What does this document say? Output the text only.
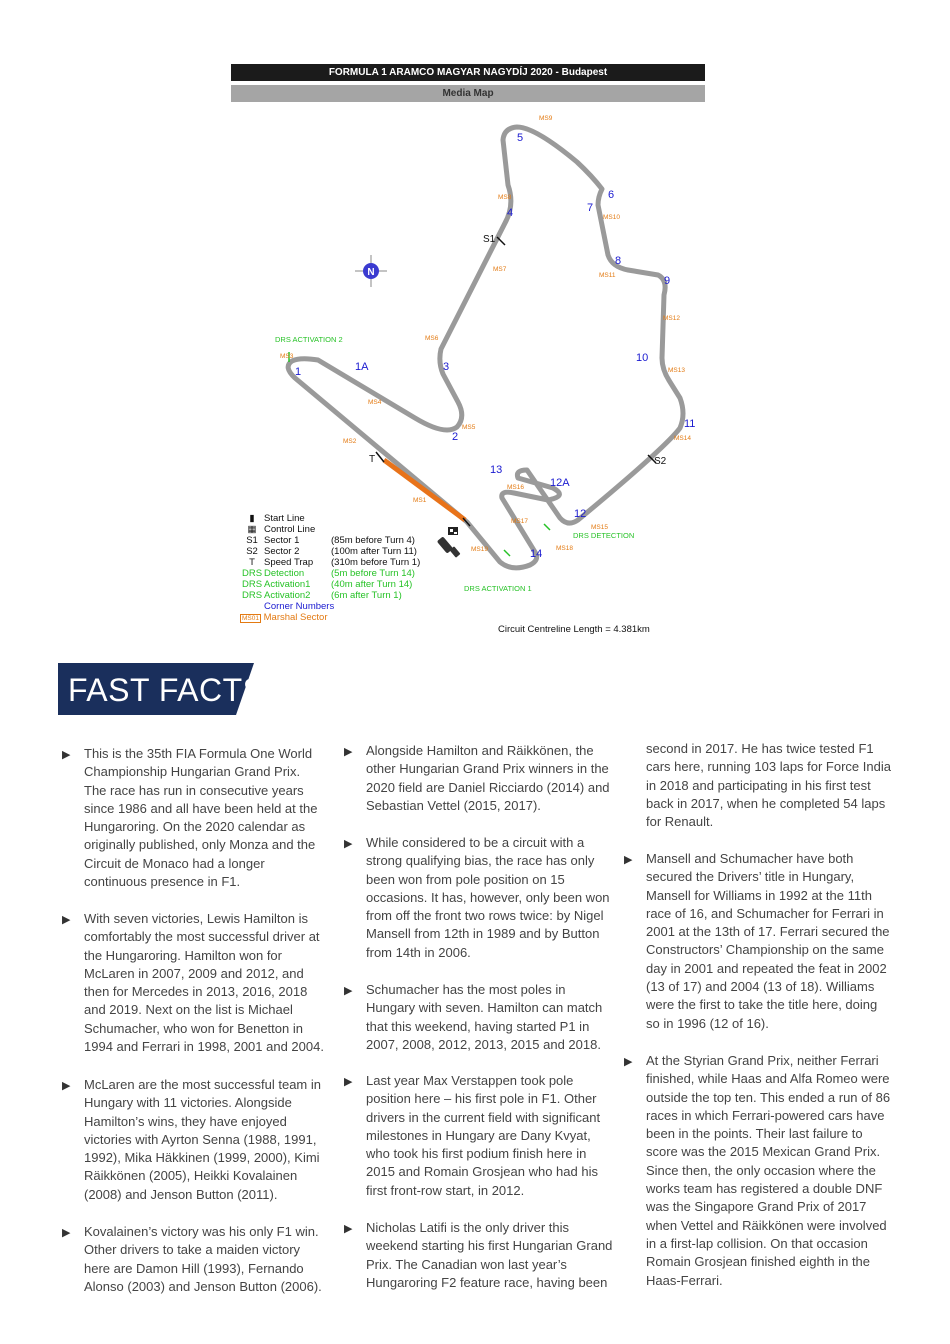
FORMULA 1 ARAMCO MAGYAR NAGYDÍJ 2020 - Budapest
Media Map
N
1	1A
2
3
4
5
6
7
8
9
10
11
12
12A
13
14
MS1
MS2
MS3
MS4
MS5
MS6
MS7
MS8
MS9
MS10
MS11
MS12
MS13
MS14
MS15
MS16
MS17
MS18
MS19
S1
S2
T
DRS ACTIVATION 2
DRS ACTIVATION 1
DRS DETECTION
Circuit Centreline Length = 4.381km
▮ Start Line
▦ Control Line
S1 Sector 1	(85m before Turn 4)
S2 Sector 2	(100m after Turn 11)
T Speed Trap (310m before Turn 1)
DRS Detection	(5m before Turn 14)
DRS Activation1 (40m after Turn 14)
DRS Activation2 (6m after Turn 1)
Corner Numbers
MS01 Marshal Sector
FAST FACTS
▶ This is the 35th FIA Formula One World Championship Hungarian Grand Prix. The race has run in consecutive years since 1986 and all have been held at the Hungaroring. On the 2020 calendar as originally published, only Monza and the Circuit de Monaco had a longer continuous presence in F1.
▶ With seven victories, Lewis Hamilton is comfortably the most successful driver at the Hungaroring. Hamilton won for McLaren in 2007, 2009 and 2012, and then for Mercedes in 2013, 2016, 2018 and 2019. Next on the list is Michael Schumacher, who won for Benetton in 1994 and Ferrari in 1998, 2001 and 2004.
▶ McLaren are the most successful team in Hungary with 11 victories. Alongside Hamilton’s wins, they have enjoyed victories with Ayrton Senna (1988, 1991, 1992), Mika Häkkinen (1999, 2000), Kimi Räikkönen (2005), Heikki Kovalainen (2008) and Jenson Button (2011).
▶ Kovalainen’s victory was his only F1 win. Other drivers to take a maiden victory here are Damon Hill (1993), Fernando Alonso (2003) and Jenson Button (2006).
▶ Alongside Hamilton and Räikkönen, the other Hungarian Grand Prix winners in the 2020 field are Daniel Ricciardo (2014) and Sebastian Vettel (2015, 2017).
▶ While considered to be a circuit with a strong qualifying bias, the race has only been won from pole position on 15 occasions. It has, however, only been won from off the front two rows twice: by Nigel Mansell from 12th in 1989 and by Button from 14th in 2006.
▶ Schumacher has the most poles in Hungary with seven. Hamilton can match that this weekend, having started P1 in 2007, 2008, 2012, 2013, 2015 and 2018.
▶ Last year Max Verstappen took pole position here – his first pole in F1. Other drivers in the current field with significant milestones in Hungary are Dany Kvyat, who took his first podium finish here in 2015 and Romain Grosjean who had his first front-row start, in 2012.
▶ Nicholas Latifi is the only driver this weekend starting his first Hungarian Grand Prix. The Canadian won last year’s Hungaroring F2 feature race, having been
second in 2017. He has twice tested F1 cars here, running 103 laps for Force India in 2018 and participating in his first test back in 2017, when he completed 54 laps for Renault.
▶ Mansell and Schumacher have both secured the Drivers’ title in Hungary, Mansell for Williams in 1992 at the 11th race of 16, and Schumacher for Ferrari in 2001 at the 13th of 17. Ferrari secured the Constructors’ Championship on the same day in 2001 and repeated the feat in 2002 (13 of 17) and 2004 (13 of 18). Williams were the first to take the title here, doing so in 1996 (12 of 16).
▶ At the Styrian Grand Prix, neither Ferrari finished, while Haas and Alfa Romeo were outside the top ten. This ended a run of 86 races in which Ferrari-powered cars have been in the points. Their last failure to score was the 2015 Mexican Grand Prix. Since then, the only occasion where the works team has registered a double DNF was the Singapore Grand Prix of 2017 when Vettel and Räikkönen were involved in a first-lap collision. On that occasion Romain Grosjean finished eighth in the Haas-Ferrari.
